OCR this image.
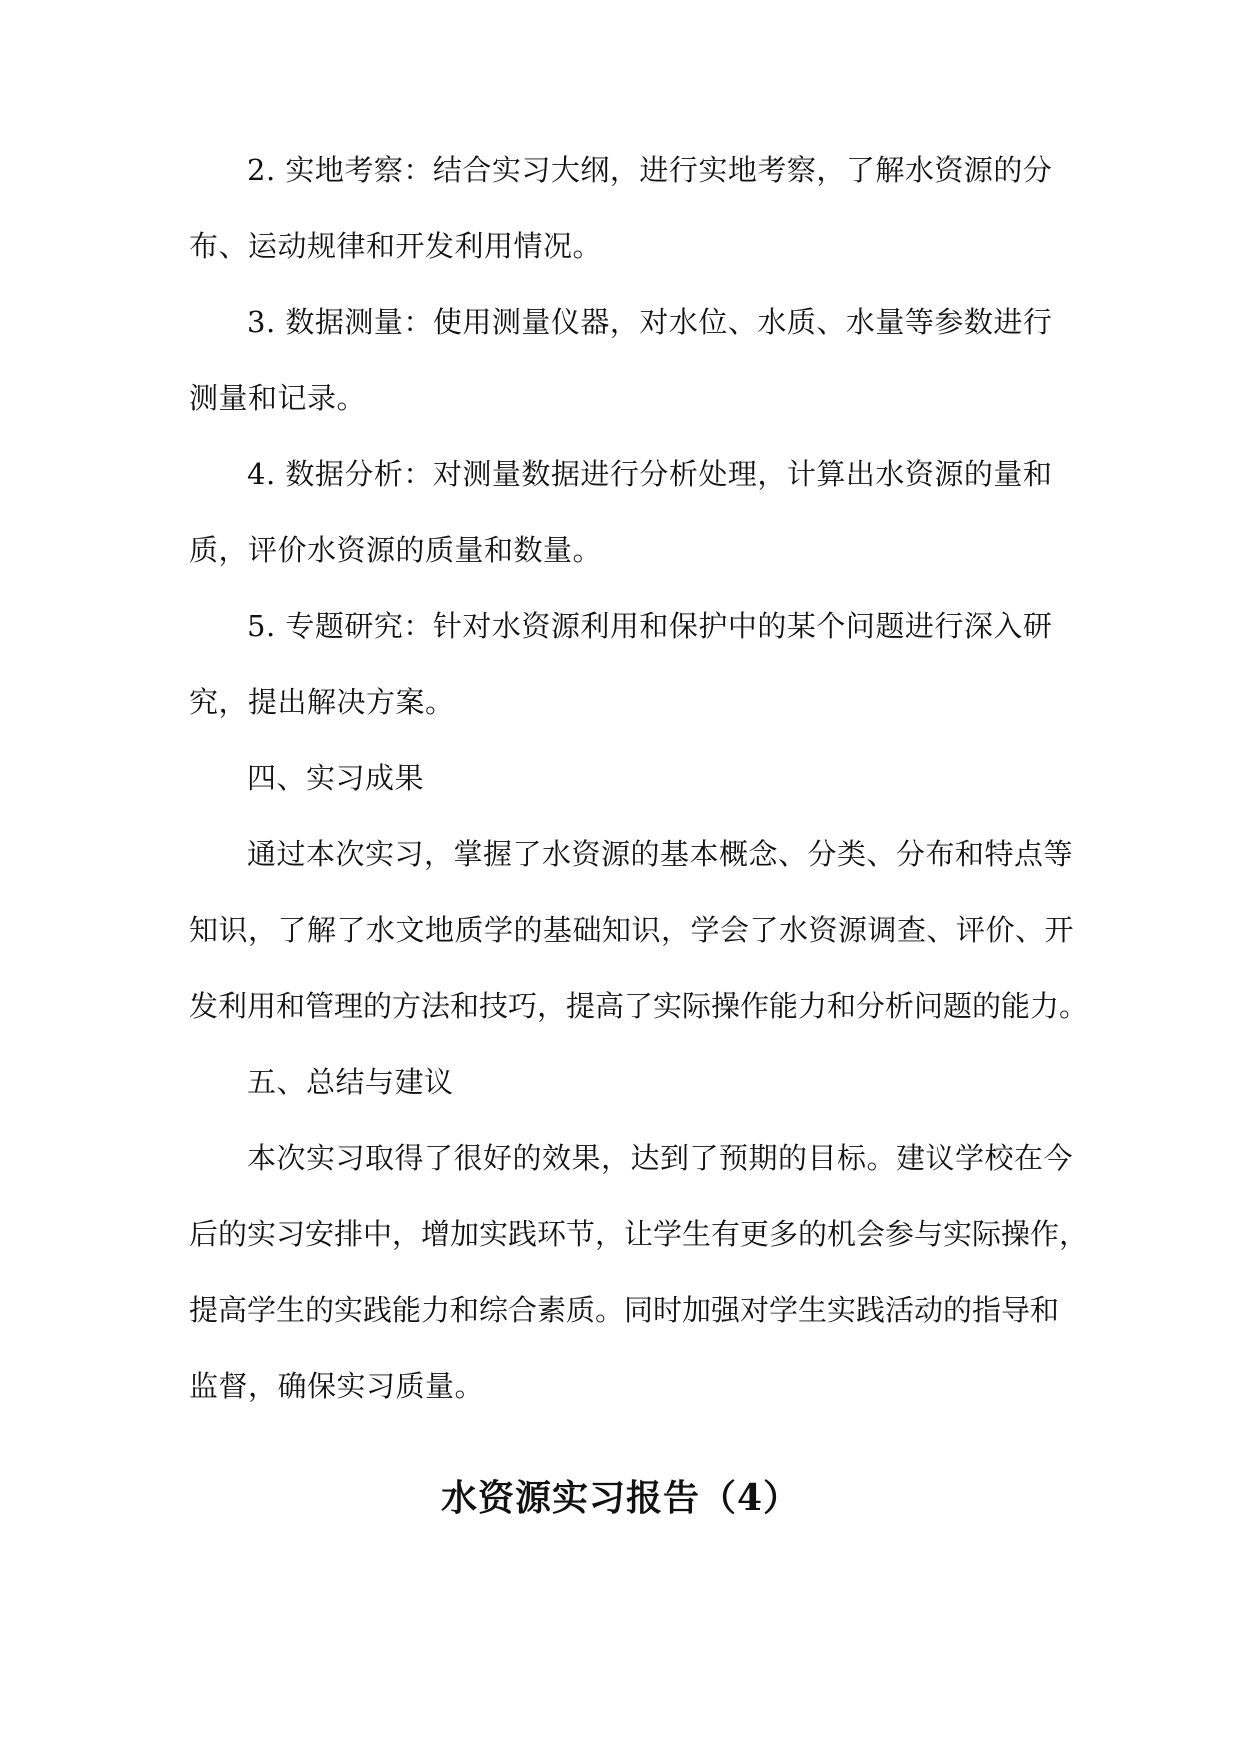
2. 实地考察：结合实习大纲，进行实地考察，了解水资源的分
布、运动规律和开发利用情况。
3. 数据测量：使用测量仪器，对水位、水质、水量等参数进行
测量和记录。
4. 数据分析：对测量数据进行分析处理，计算出水资源的量和
质，评价水资源的质量和数量。
5. 专题研究：针对水资源利用和保护中的某个问题进行深入研
究，提出解决方案。
四、实习成果
通过本次实习，掌握了水资源的基本概念、分类、分布和特点等
知识，了解了水文地质学的基础知识，学会了水资源调查、评价、开
发利用和管理的方法和技巧，提高了实际操作能力和分析问题的能力。
五、总结与建议
本次实习取得了很好的效果，达到了预期的目标。建议学校在今
后的实习安排中，增加实践环节，让学生有更多的机会参与实际操作，
提高学生的实践能力和综合素质。同时加强对学生实践活动的指导和
监督，确保实习质量。
水资源实习报告（4）
